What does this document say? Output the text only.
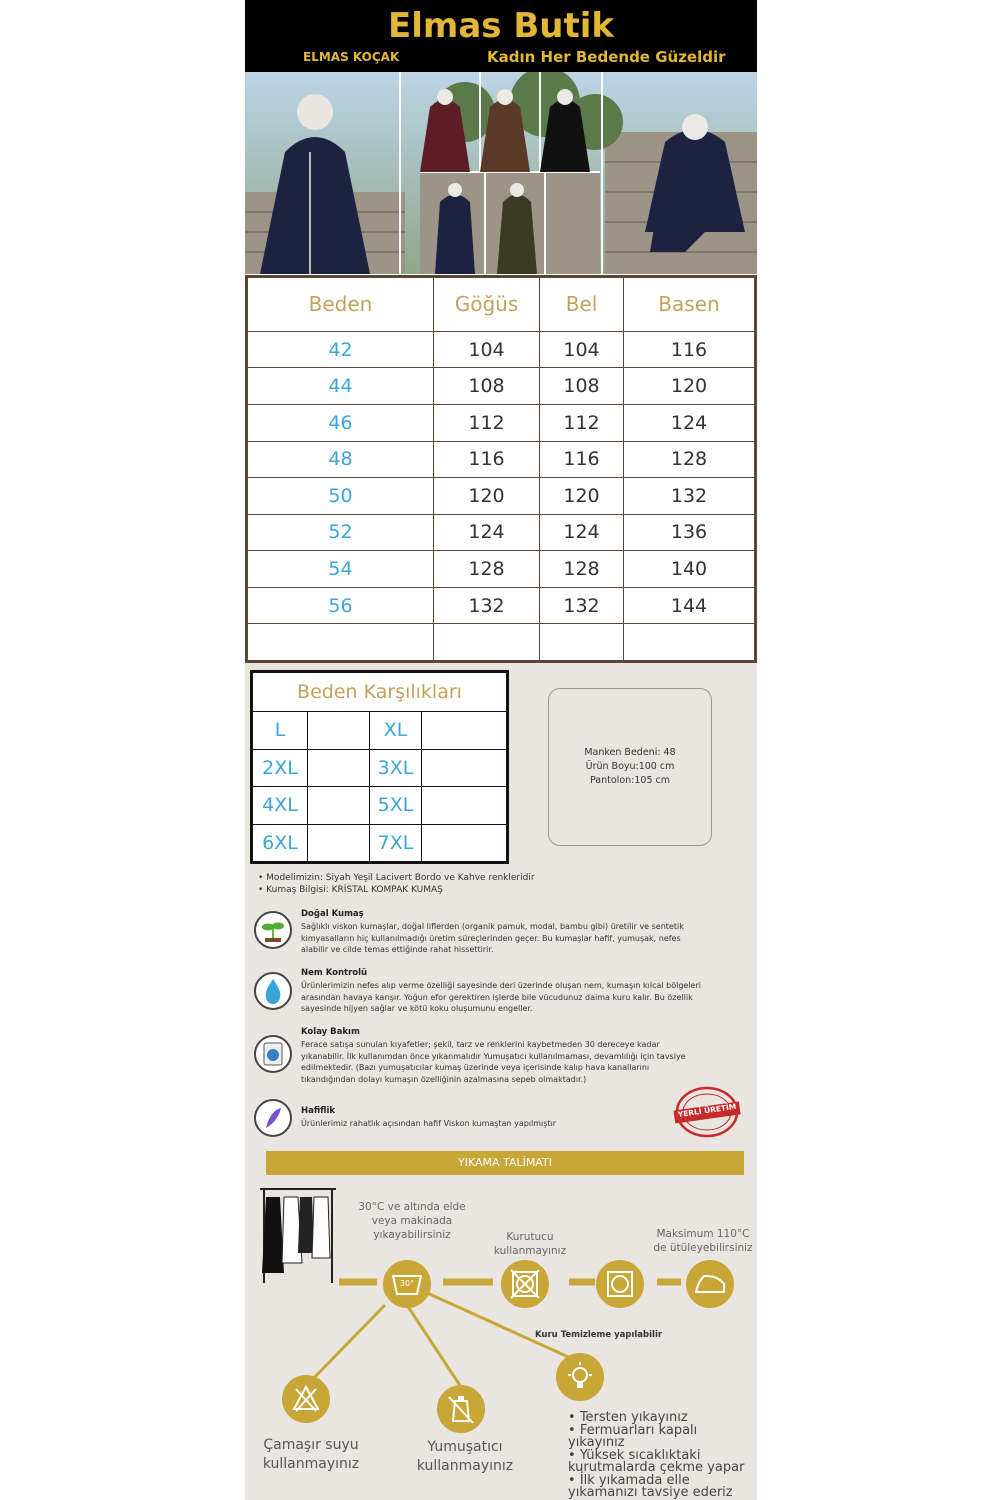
Elmas Butik
ELMAS KOÇAK	Kadın Her Bedende Güzeldir
Beden	Göğüs	Bel	Basen
42	104	104	116
44	108	108	120
46	112	112	124
48	116	116	128
50	120	120	132
52	124	124	136
54	128	128	140
56	132	132	144

Beden Karşılıkları			
L		XL	
2XL		3XL	
4XL		5XL	
6XL		7XL	
Manken Bedeni: 48
Ürün Boyu:100 cm
Pantolon:105 cm
• Modelimizin: Siyah Yeşil Lacivert Bordo ve Kahve renkleridir
• Kumaş Bilgisi: KRİSTAL KOMPAK KUMAŞ
Doğal Kumaş
Sağlıklı viskon kumaşlar, doğal liflerden (organik pamuk, modal, bambu gibi) üretilir ve sentetik kimyasalların hiç kullanılmadığı üretim süreçlerinden geçer. Bu kumaşlar hafif, yumuşak, nefes alabilir ve cilde temas ettiğinde rahat hissettirir.
Nem Kontrolü
Ürünlerimizin nefes alıp verme özelliği sayesinde deri üzerinde oluşan nem, kumaşın kılcal bölgeleri arasından havaya karışır. Yoğun efor gerektiren işlerde bile vücudunuz daima kuru kalır. Bu özellik sayesinde hijyen sağlar ve kötü koku oluşumunu engeller.
Kolay Bakım
Ferace satışa sunulan kıyafetler; şekil, tarz ve renklerini kaybetmeden 30 dereceye kadar yıkanabilir. İlk kullanımdan önce yıkanmalıdır Yumuşatıcı kullanılmaması, devamlılığı için tavsiye edilmektedir. (Bazı yumuşatıcılar kumaş üzerinde veya içerisinde kalıp hava kanallarını tıkandığından dolayı kumaşın özelliğinin azalmasına sepeb olmaktadır.)
Hafiflik
Ürünlerimiz rahatlık açısından hafif Viskon kumaştan yapılmıştır
YERLİ ÜRETİM
YIKAMA TALİMATI
30°C ve altında elde veya makinada yıkayabilirsiniz	Kurutucu kullanmayınız
Maksimum 110°C de ütüleyebilirsiniz
Kuru Temizleme yapılabilir
30°
Çamaşır suyu kullanmayınız
Yumuşatıcı kullanmayınız
• Tersten yıkayınız
• Fermuarları kapalı yıkayınız
• Yüksek sıcaklıktaki kurutmalarda çekme yapar
• İlk yıkamada elle yıkamanızı tavsiye ederiz
